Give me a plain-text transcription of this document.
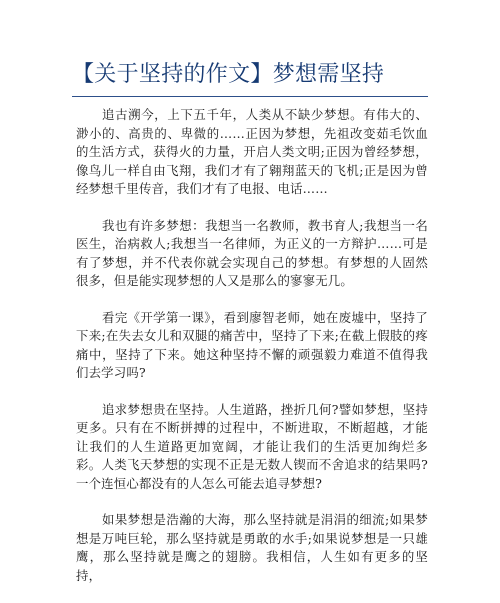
【关于坚持的作文】梦想需坚持

追古溯今，上下五千年，人类从不缺少梦想。有伟大的、渺小的、高贵的、卑微的……正因为梦想，先祖改变茹毛饮血的生活方式，获得火的力量，开启人类文明;正因为曾经梦想，像鸟儿一样自由飞翔，我们才有了翱翔蓝天的飞机;正是因为曾经梦想千里传音，我们才有了电报、电话……

我也有许多梦想：我想当一名教师，教书育人;我想当一名医生，治病救人;我想当一名律师，为正义的一方辩护……可是有了梦想，并不代表你就会实现自己的梦想。有梦想的人固然很多，但是能实现梦想的人又是那么的寥寥无几。

看完《开学第一课》，看到廖智老师，她在废墟中，坚持了下来;在失去女儿和双腿的痛苦中，坚持了下来;在截上假肢的疼痛中，坚持了下来。她这种坚持不懈的顽强毅力难道不值得我们去学习吗?

追求梦想贵在坚持。人生道路，挫折几何?譬如梦想，坚持更多。只有在不断拼搏的过程中，不断进取，不断超越，才能让我们的人生道路更加宽阔，才能让我们的生活更加绚烂多彩。人类飞天梦想的实现不正是无数人锲而不舍追求的结果吗?一个连恒心都没有的人怎么可能去追寻梦想?

如果梦想是浩瀚的大海，那么坚持就是涓涓的细流;如果梦想是万吨巨轮，那么坚持就是勇敢的水手;如果说梦想是一只雄鹰，那么坚持就是鹰之的翅膀。我相信，人生如有更多的坚持，
